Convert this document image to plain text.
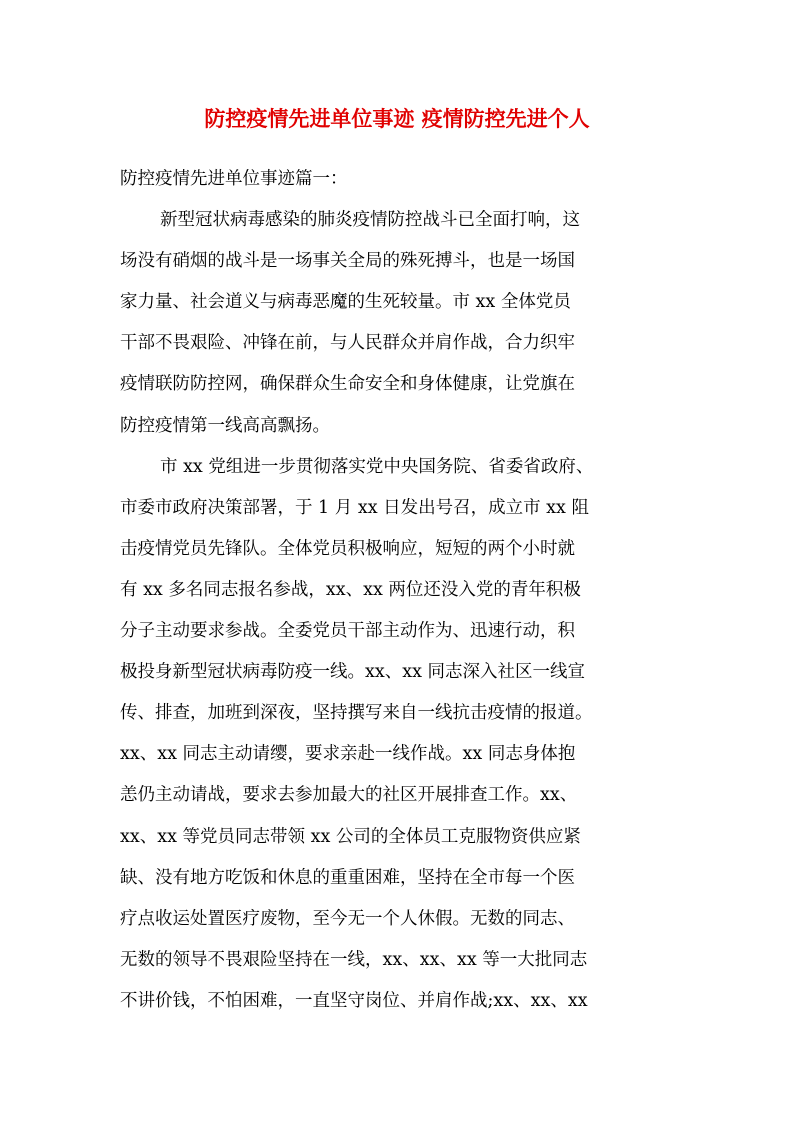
防控疫情先进单位事迹 疫情防控先进个人
防控疫情先进单位事迹篇一：
新型冠状病毒感染的肺炎疫情防控战斗已全面打响，这
场没有硝烟的战斗是一场事关全局的殊死搏斗，也是一场国
家力量、社会道义与病毒恶魔的生死较量。市 xx 全体党员
干部不畏艰险、冲锋在前，与人民群众并肩作战，合力织牢
疫情联防防控网，确保群众生命安全和身体健康，让党旗在
防控疫情第一线高高飘扬。
市 xx 党组进一步贯彻落实党中央国务院、省委省政府、
市委市政府决策部署，于 1 月 xx 日发出号召，成立市 xx 阻
击疫情党员先锋队。全体党员积极响应，短短的两个小时就
有 xx 多名同志报名参战，xx、xx 两位还没入党的青年积极
分子主动要求参战。全委党员干部主动作为、迅速行动，积
极投身新型冠状病毒防疫一线。xx、xx 同志深入社区一线宣
传、排查，加班到深夜，坚持撰写来自一线抗击疫情的报道。
xx、xx 同志主动请缨，要求亲赴一线作战。xx 同志身体抱
恙仍主动请战，要求去参加最大的社区开展排查工作。xx、
xx、xx 等党员同志带领 xx 公司的全体员工克服物资供应紧
缺、没有地方吃饭和休息的重重困难，坚持在全市每一个医
疗点收运处置医疗废物，至今无一个人休假。无数的同志、
无数的领导不畏艰险坚持在一线，xx、xx、xx 等一大批同志
不讲价钱，不怕困难，一直坚守岗位、并肩作战;xx、xx、xx
